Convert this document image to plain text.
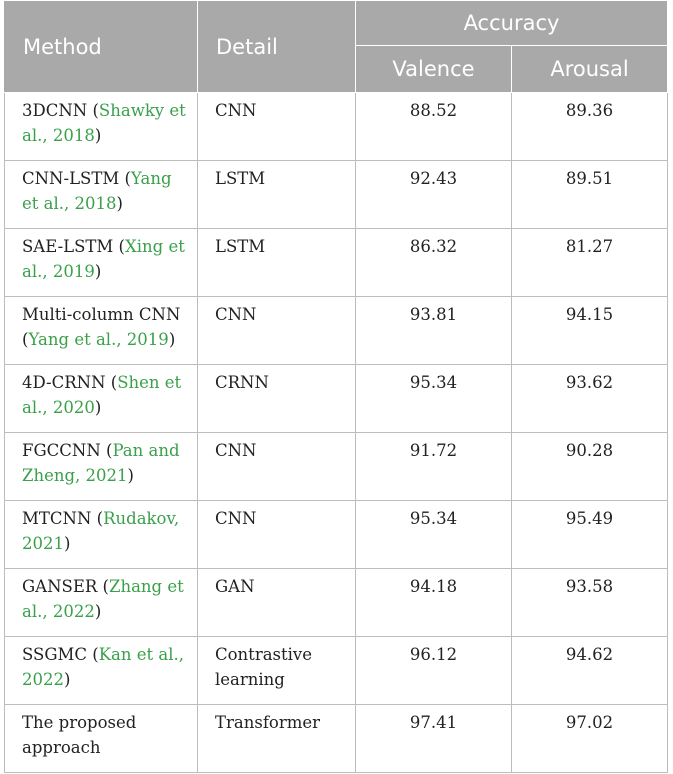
Method	Detail	Accuracy	
		Valence	Arousal
3DCNN (Shawky et al., 2018)	CNN	88.52	89.36
CNN-LSTM (Yang et al., 2018)	LSTM	92.43	89.51
SAE-LSTM (Xing et al., 2019)	LSTM	86.32	81.27
Multi-column CNN (Yang et al., 2019)	CNN	93.81	94.15
4D-CRNN (Shen et al., 2020)	CRNN	95.34	93.62
FGCCNN (Pan and Zheng, 2021)	CNN	91.72	90.28
MTCNN (Rudakov, 2021)	CNN	95.34	95.49
GANSER (Zhang et al., 2022)	GAN	94.18	93.58
SSGMC (Kan et al., 2022)	Contrastive learning	96.12	94.62
The proposed approach	Transformer	97.41	97.02
